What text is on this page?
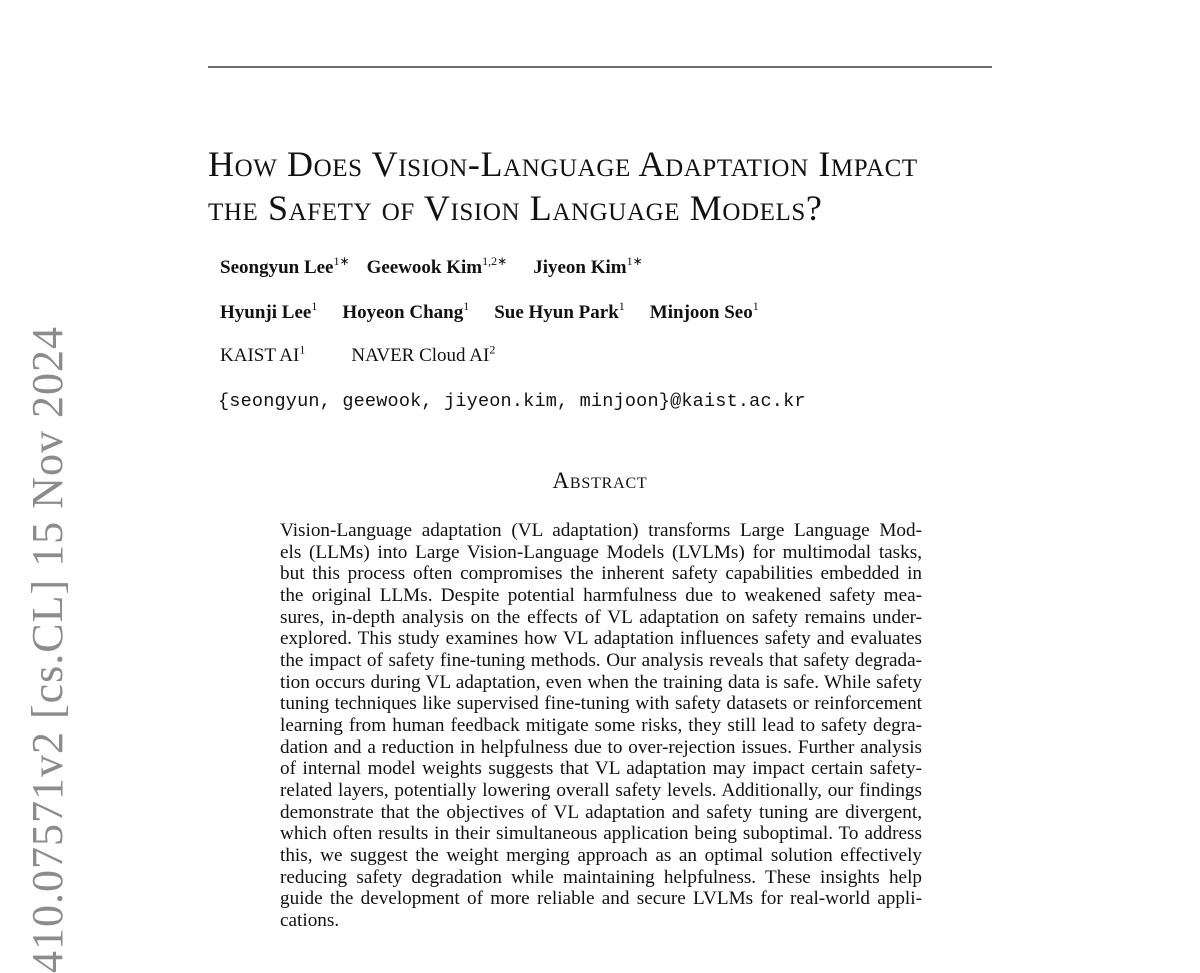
How Does Vision-Language Adaptation Impact
the Safety of Vision Language Models?
Seongyun Lee$^{1∗}$ Geewook Kim$^{1,2∗}$ Jiyeon Kim$^{1∗}$
Hyunji Lee$^1$ Hoyeon Chang$^1$ Sue Hyun Park$^1$ Minjoon Seo$^1$
KAIST $AI^1$ NAVER Cloud $AI^2$
{seongyun, geewook, jiyeon.kim, minjoon}@kaist.ac.kr
Abstract

Vision-Language adaptation (VL adaptation) transforms Large Language Mod-
els (LLMs) into Large Vision-Language Models (LVLMs) for multimodal tasks,
but this process often compromises the inherent safety capabilities embedded in
the original LLMs. Despite potential harmfulness due to weakened safety mea-
sures, in-depth analysis on the effects of VL adaptation on safety remains under-
explored. This study examines how VL adaptation influences safety and evaluates
the impact of safety fine-tuning methods. Our analysis reveals that safety degrada-
tion occurs during VL adaptation, even when the training data is safe. While safety
tuning techniques like supervised fine-tuning with safety datasets or reinforcement
learning from human feedback mitigate some risks, they still lead to safety degra-
dation and a reduction in helpfulness due to over-rejection issues. Further analysis
of internal model weights suggests that VL adaptation may impact certain safety-
related layers, potentially lowering overall safety levels. Additionally, our findings
demonstrate that the objectives of VL adaptation and safety tuning are divergent,
which often results in their simultaneous application being suboptimal. To address
this, we suggest the weight merging approach as an optimal solution effectively
reducing safety degradation while maintaining helpfulness. These insights help
guide the development of more reliable and secure LVLMs for real-world appli-
cations.

410.07571v2 [cs.CL] 15 Nov 2024
